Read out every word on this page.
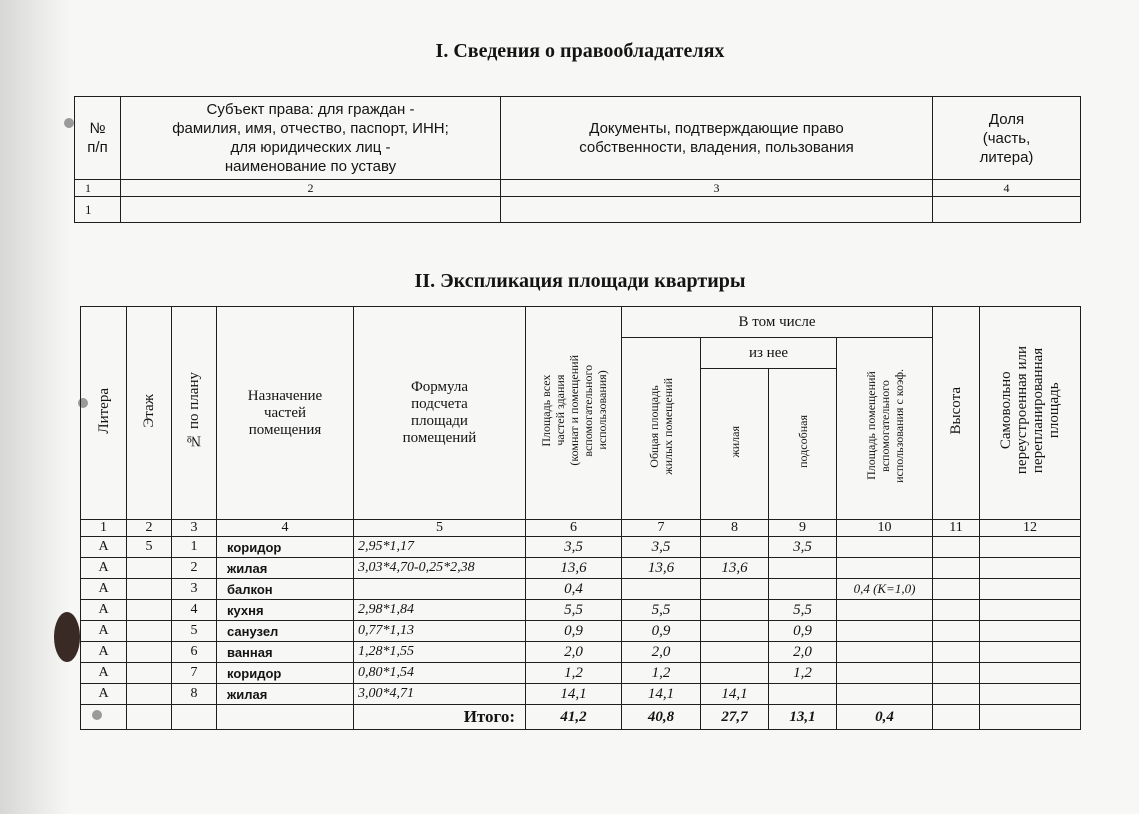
I. Сведения о правообладателях
№
п/п	Субъект права: для граждан -
фамилия, имя, отчество, паспорт, ИНН;
для юридических лиц -
наименование по уставу	Документы, подтверждающие право
собственности, владения, пользования	Доля
(часть,
литера)
1	2	3	4
1			
II. Экспликация площади квартиры
Литера	Этаж	№ по плану	Назначение
частей
помещения	Формула
подсчета
площади
помещений	Площадь всех
частей здания
(комнат и помещений
вспомогательного
использования)	В том числе				Высота	Самовольно
переустроенная или
перепланированная
площадь
						Общая площадь
жилых помещений	из нее		Площадь помещений
вспомогательного
использования с коэф.		
							жилая	подсобная			
1	2	3	4	5	6	7	8	9	10	11	12
А	5	1	коридор	2,95*1,17	3,5	3,5		3,5			
А		2	жилая	3,03*4,70-0,25*2,38	13,6	13,6	13,6				
А		3	балкон		0,4				0,4 (К=1,0)		
А		4	кухня	2,98*1,84	5,5	5,5		5,5			
А		5	санузел	0,77*1,13	0,9	0,9		0,9			
А		6	ванная	1,28*1,55	2,0	2,0		2,0			
А		7	коридор	0,80*1,54	1,2	1,2		1,2			
А		8	жилая	3,00*4,71	14,1	14,1	14,1				
				Итого:	41,2	40,8	27,7	13,1	0,4		
